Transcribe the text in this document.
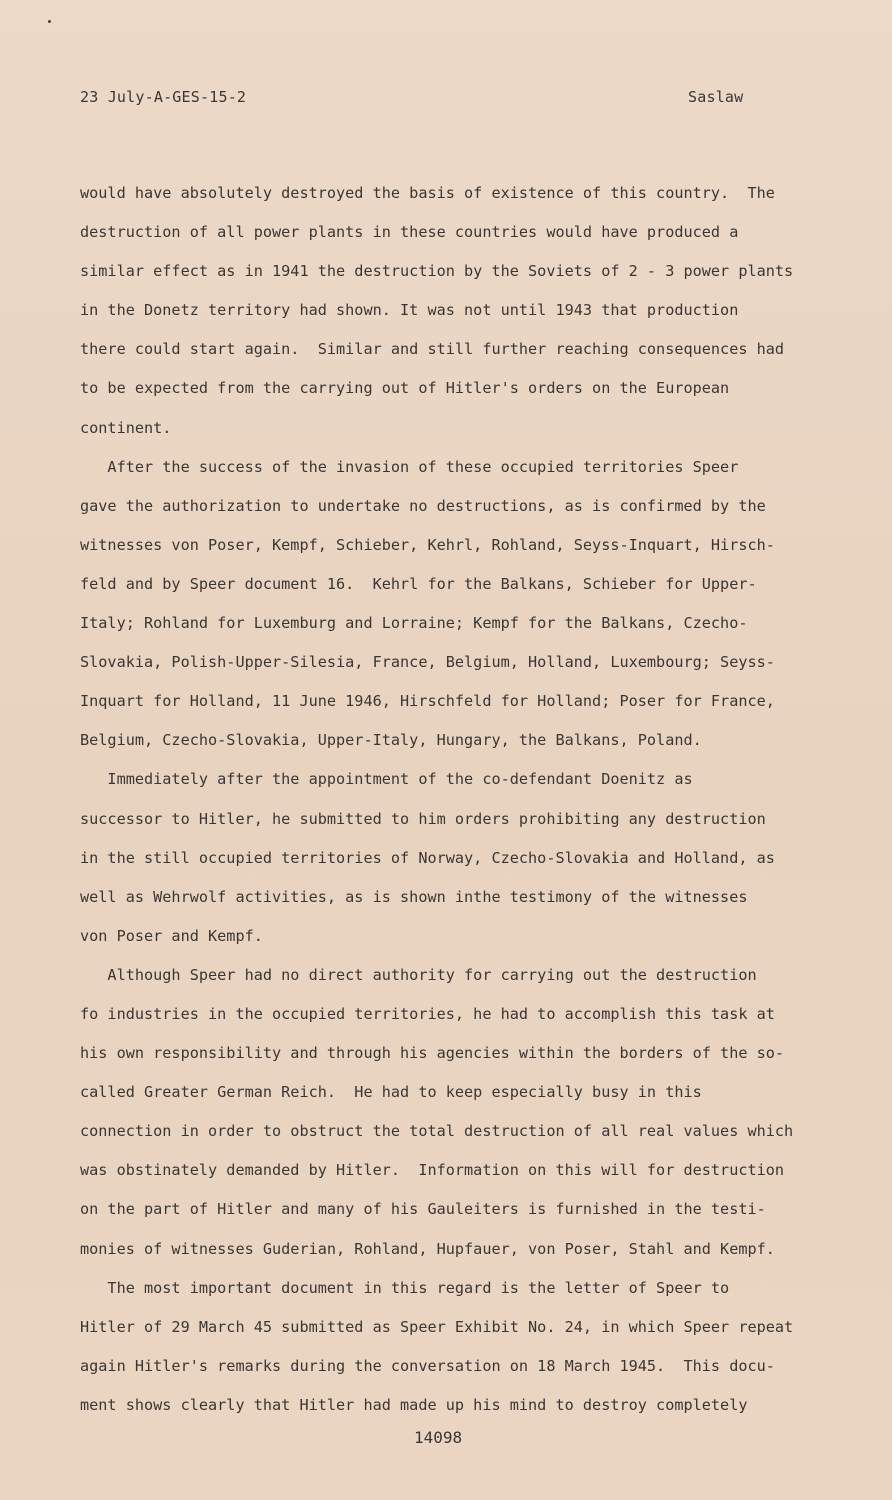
23 July-A-GES-15-2	Saslaw
would have absolutely destroyed the basis of existence of this country.  The
destruction of all power plants in these countries would have produced a
similar effect as in 1941 the destruction by the Soviets of 2 - 3 power plants
in the Donetz territory had shown. It was not until 1943 that production
there could start again.  Similar and still further reaching consequences had
to be expected from the carrying out of Hitler's orders on the European
continent.
After the success of the invasion of these occupied territories Speer
gave the authorization to undertake no destructions, as is confirmed by the
witnesses von Poser, Kempf, Schieber, Kehrl, Rohland, Seyss-Inquart, Hirsch-
feld and by Speer document 16.  Kehrl for the Balkans, Schieber for Upper-
Italy; Rohland for Luxemburg and Lorraine; Kempf for the Balkans, Czecho-
Slovakia, Polish-Upper-Silesia, France, Belgium, Holland, Luxembourg; Seyss-
Inquart for Holland, 11 June 1946, Hirschfeld for Holland; Poser for France,
Belgium, Czecho-Slovakia, Upper-Italy, Hungary, the Balkans, Poland.
Immediately after the appointment of the co-defendant Doenitz as
successor to Hitler, he submitted to him orders prohibiting any destruction
in the still occupied territories of Norway, Czecho-Slovakia and Holland, as
well as Wehrwolf activities, as is shown inthe testimony of the witnesses
von Poser and Kempf.
Although Speer had no direct authority for carrying out the destruction
fo industries in the occupied territories, he had to accomplish this task at
his own responsibility and through his agencies within the borders of the so-
called Greater German Reich.  He had to keep especially busy in this
connection in order to obstruct the total destruction of all real values which
was obstinately demanded by Hitler.  Information on this will for destruction
on the part of Hitler and many of his Gauleiters is furnished in the testi-
monies of witnesses Guderian, Rohland, Hupfauer, von Poser, Stahl and Kempf.
The most important document in this regard is the letter of Speer to
Hitler of 29 March 45 submitted as Speer Exhibit No. 24, in which Speer repeat
again Hitler's remarks during the conversation on 18 March 1945.  This docu-
ment shows clearly that Hitler had made up his mind to destroy completely
14098
